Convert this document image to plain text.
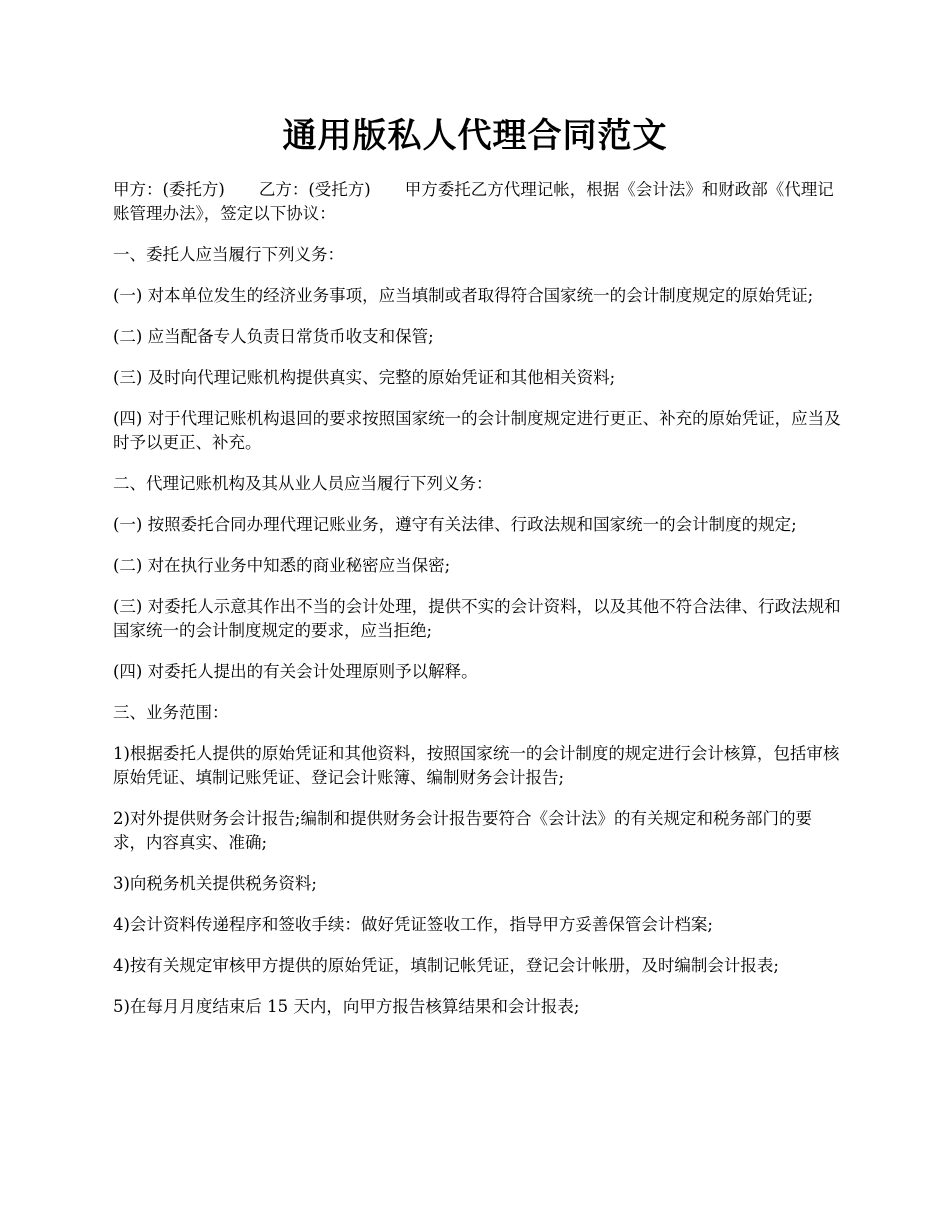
通用版私人代理合同范文

甲方：(委托方) 乙方：(受托方) 甲方委托乙方代理记帐，根据《会计法》和财政部《代理记账管理办法》，签定以下协议：

一、委托人应当履行下列义务：

(一) 对本单位发生的经济业务事项，应当填制或者取得符合国家统一的会计制度规定的原始凭证;

(二) 应当配备专人负责日常货币收支和保管;

(三) 及时向代理记账机构提供真实、完整的原始凭证和其他相关资料;

(四) 对于代理记账机构退回的要求按照国家统一的会计制度规定进行更正、补充的原始凭证，应当及时予以更正、补充。

二、代理记账机构及其从业人员应当履行下列义务：

(一) 按照委托合同办理代理记账业务，遵守有关法律、行政法规和国家统一的会计制度的规定;

(二) 对在执行业务中知悉的商业秘密应当保密;

(三) 对委托人示意其作出不当的会计处理，提供不实的会计资料，以及其他不符合法律、行政法规和国家统一的会计制度规定的要求，应当拒绝;

(四) 对委托人提出的有关会计处理原则予以解释。

三、业务范围：

1)根据委托人提供的原始凭证和其他资料，按照国家统一的会计制度的规定进行会计核算，包括审核原始凭证、填制记账凭证、登记会计账簿、编制财务会计报告;

2)对外提供财务会计报告;编制和提供财务会计报告要符合《会计法》的有关规定和税务部门的要求，内容真实、准确;

3)向税务机关提供税务资料;

4)会计资料传递程序和签收手续：做好凭证签收工作，指导甲方妥善保管会计档案;

4)按有关规定审核甲方提供的原始凭证，填制记帐凭证，登记会计帐册，及时编制会计报表;

5)在每月月度结束后 15 天内，向甲方报告核算结果和会计报表;
